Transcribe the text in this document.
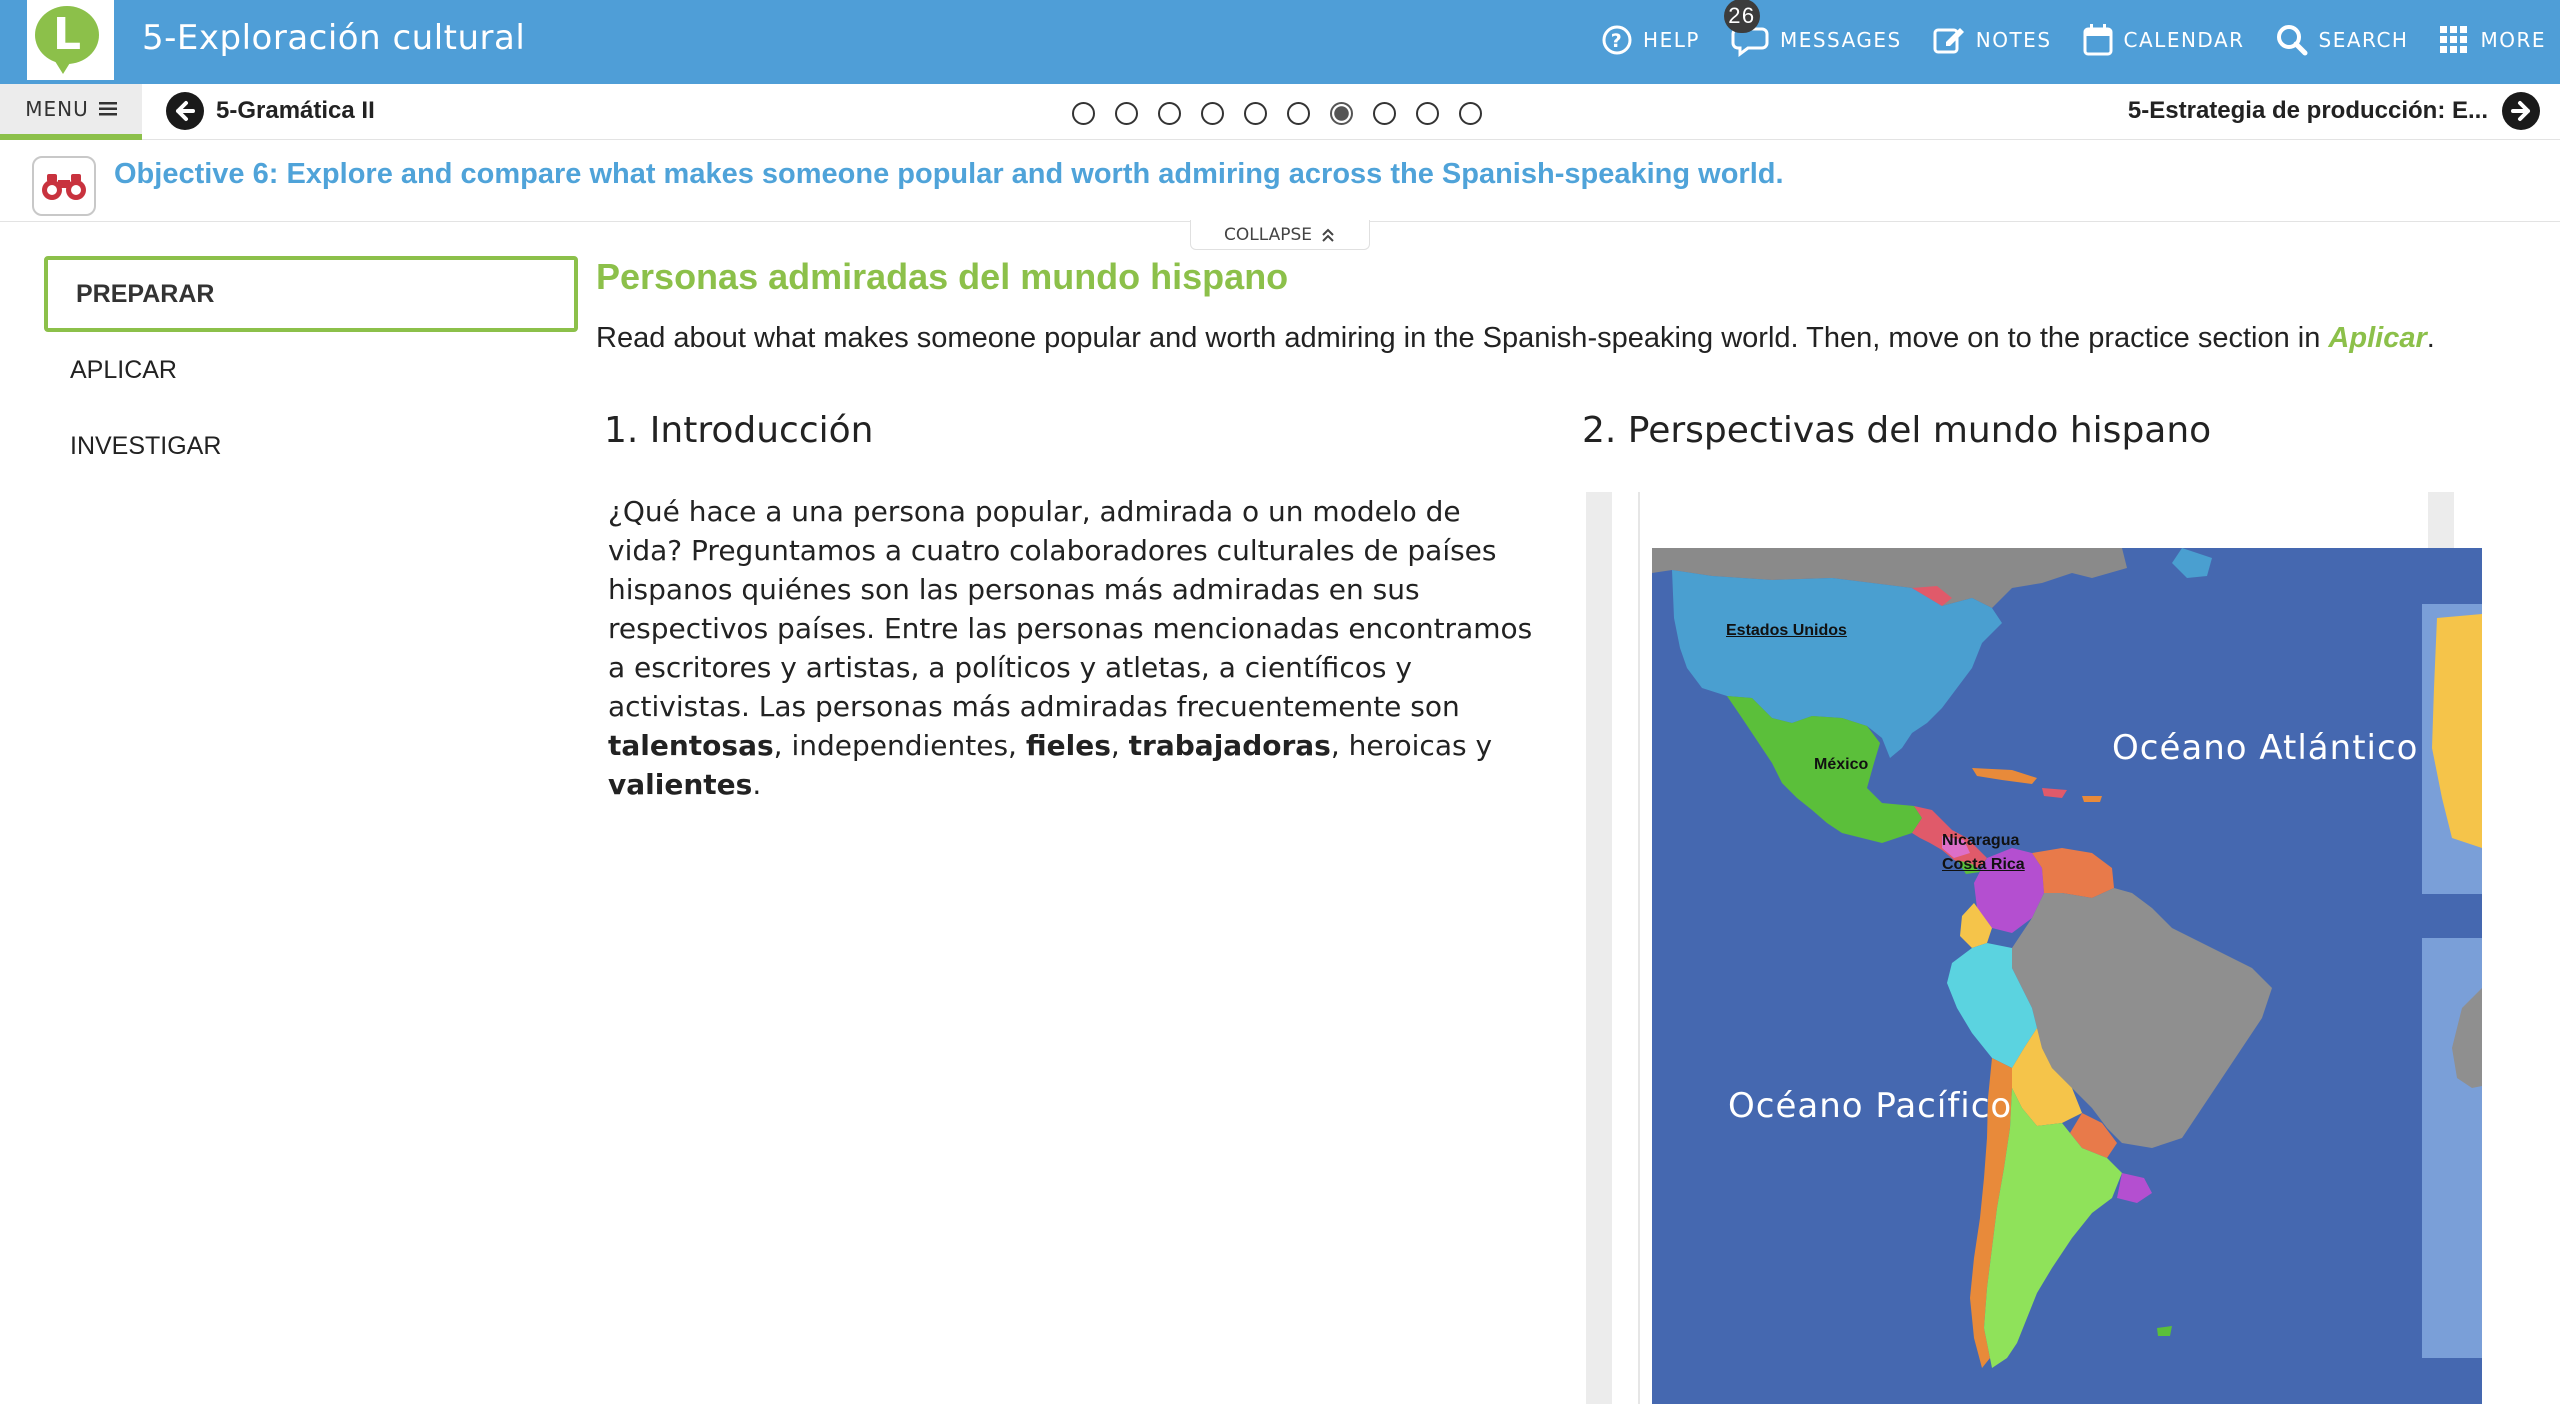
L	5-Exploración cultural	? HELP
26
MESSAGES	NOTES	CALENDAR	SEARCH	MORE
MENU	5-Gramática II	5-Estrategia de producción: E...
Objective 6: Explore and compare what makes someone popular and worth admiring across the Spanish-speaking world.
COLLAPSE
PREPARAR
APLICAR
INVESTIGAR
Personas admiradas del mundo hispano
Read about what makes someone popular and worth admiring in the Spanish-speaking world. Then, move on to the practice section in Aplicar.
1. Introducción	2. Perspectivas del mundo hispano
¿Qué hace a una persona popular, admirada o un modelo de vida? Preguntamos a cuatro colaboradores culturales de países hispanos quiénes son las personas más admiradas en sus respectivos países. Entre las personas mencionadas encontramos a escritores y artistas, a políticos y atletas, a científicos y activistas. Las personas más admiradas frecuentemente son talentosas, independientes, fieles, trabajadoras, heroicas y valientes.
Estados Unidos
México
Nicaragua
Costa Rica
Océano Atlántico
Océano Pacífico
